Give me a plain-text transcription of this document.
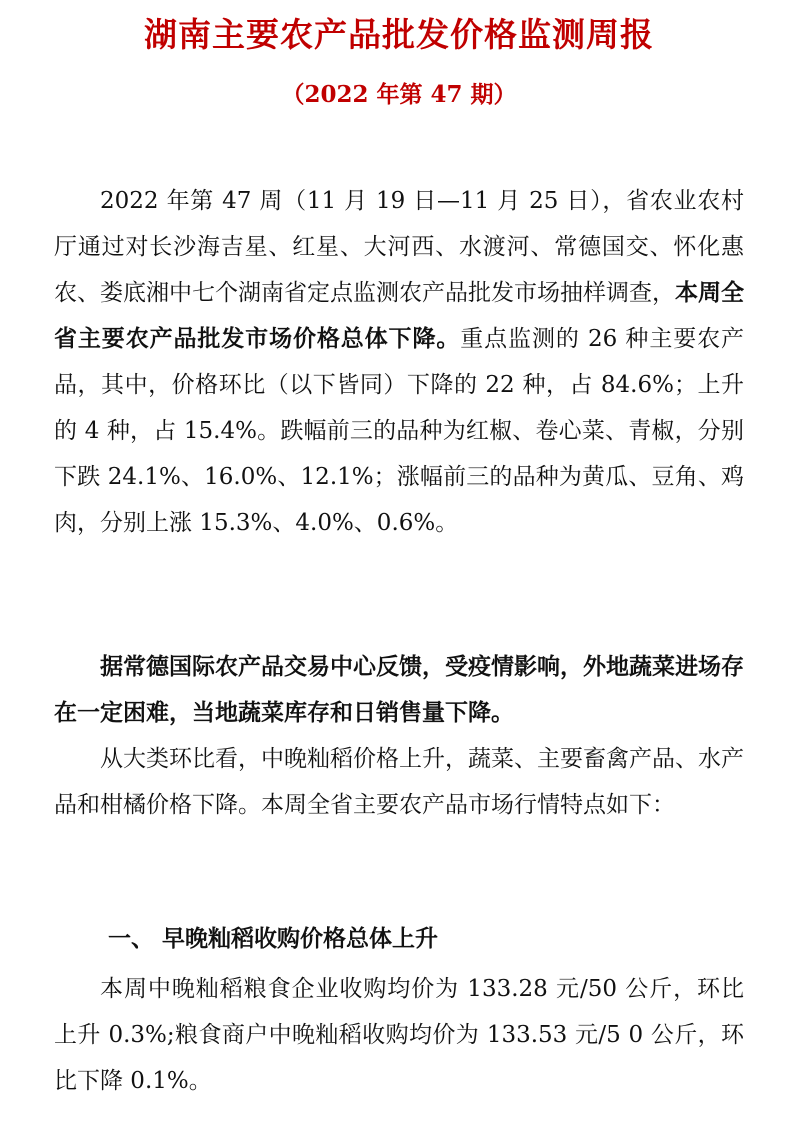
湖南主要农产品批发价格监测周报

（2022 年第 47 期）

2022 年第 47 周（11 月 19 日—11 月 25 日），省农业农村厅通过对长沙海吉星、红星、大河西、水渡河、常德国交、怀化惠农、娄底湘中七个湖南省定点监测农产品批发市场抽样调查，本周全省主要农产品批发市场价格总体下降。重点监测的 26 种主要农产品，其中，价格环比（以下皆同）下降的 22 种，占 84.6%；上升的 4 种，占 15.4%。跌幅前三的品种为红椒、卷心菜、青椒，分别下跌 24.1%、16.0%、12.1%；涨幅前三的品种为黄瓜、豆角、鸡肉，分别上涨 15.3%、4.0%、0.6%。

据常德国际农产品交易中心反馈，受疫情影响，外地蔬菜进场存在一定困难，当地蔬菜库存和日销售量下降。

从大类环比看，中晚籼稻价格上升，蔬菜、主要畜禽产品、水产品和柑橘价格下降。本周全省主要农产品市场行情特点如下：

一、 早晚籼稻收购价格总体上升

本周中晚籼稻粮食企业收购均价为 133.28 元/50 公斤，环比上升 0.3%;粮食商户中晚籼稻收购均价为 133.53 元/5 0 公斤，环比下降 0.1%。
